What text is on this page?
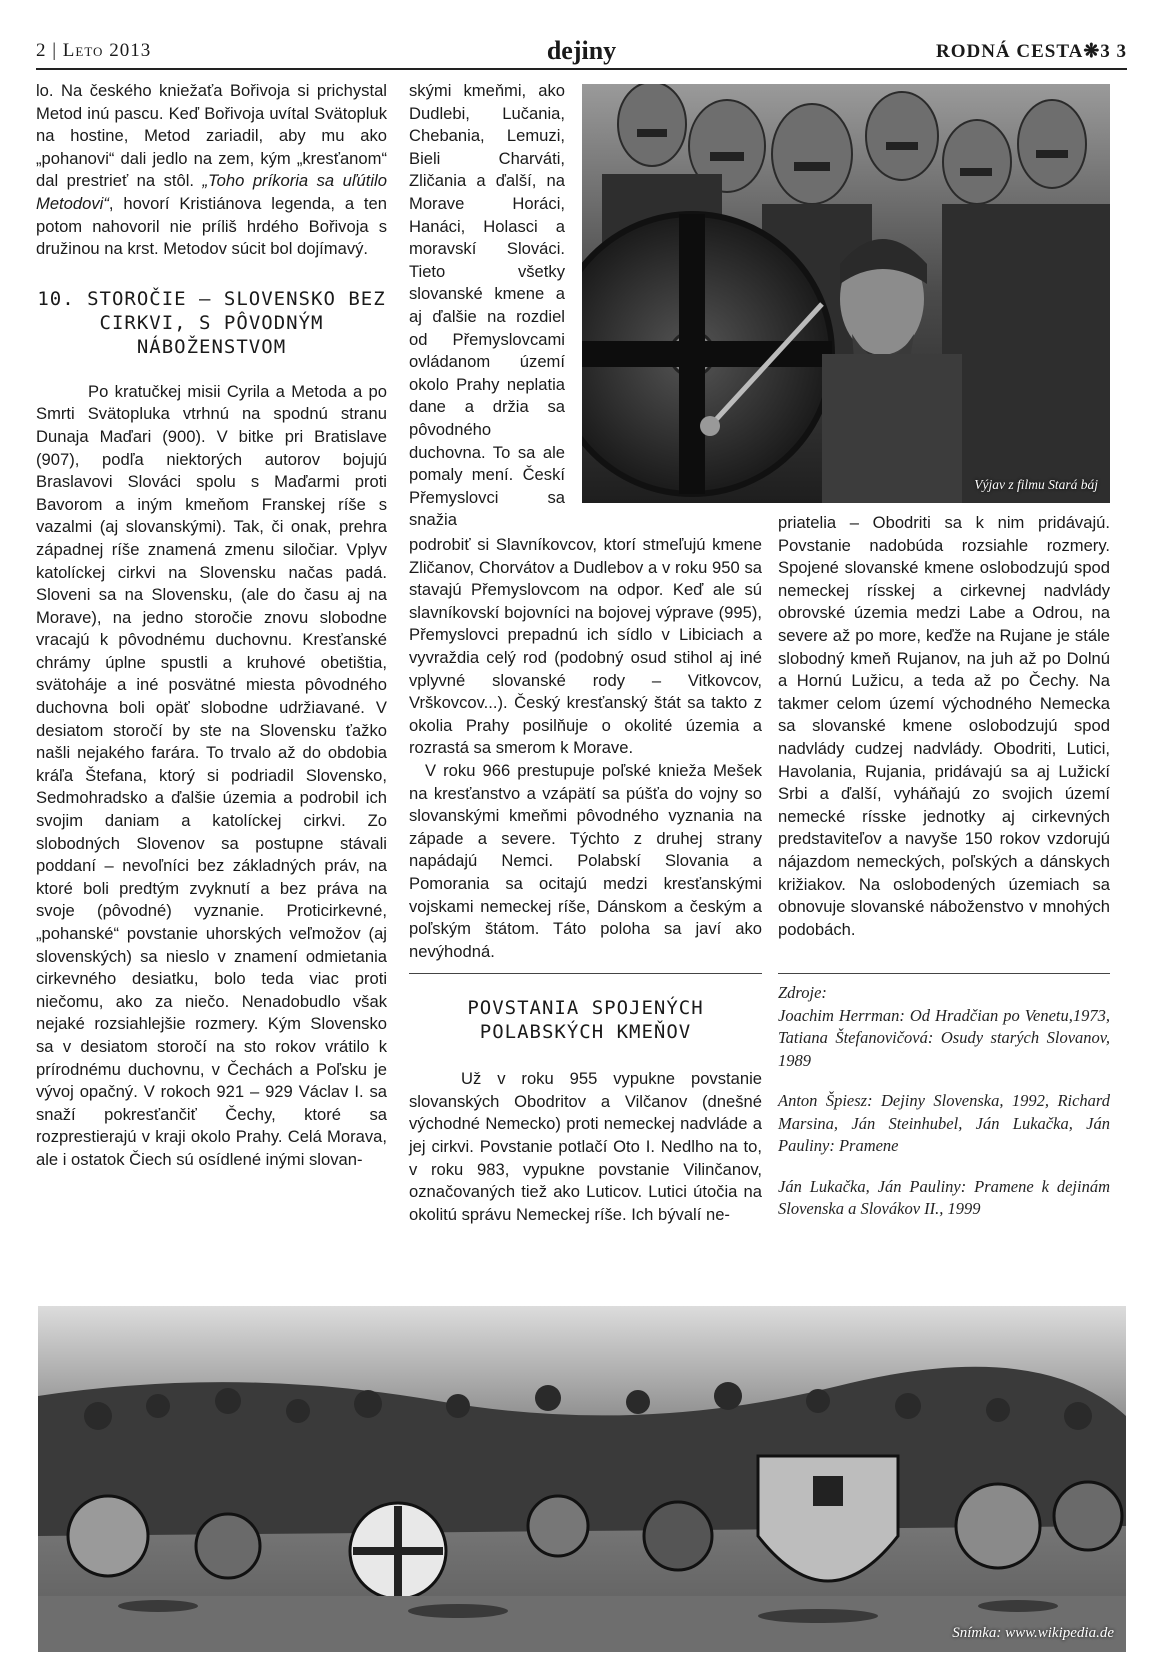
2 | Leto 2013	dejiny	RODNÁ CESTA❋3 3

lo. Na českého kniežaťa Bořivoja si prichystal Metod inú pascu. Keď Bořivoja uvítal Svätopluk na hostine, Metod zariadil, aby mu ako „pohanovi“ dali jedlo na zem, kým „kresťanom“ dal prestrieť na stôl. „Toho príkoria sa uľútilo Metodovi“, hovorí Kristiánova legenda, a ten potom nahovoril nie príliš hrdého Bořivoja s družinou na krst. Metodov súcit bol dojímavý.

10. STOROČIE – SLOVENSKO BEZ CIRKVI, S PÔVODNÝM NÁBOŽENSTVOM

Po kratučkej misii Cyrila a Metoda a po Smrti Svätopluka vtrhnú na spodnú stranu Dunaja Maďari (900). V bitke pri Bratislave (907), podľa niektorých autorov bojujú Braslavovi Slováci spolu s Maďarmi proti Bavorom a iným kmeňom Franskej ríše s vazalmi (aj slovanskými). Tak, či onak, prehra západnej ríše znamená zmenu siločiar. Vplyv katolíckej cirkvi na Slovensku načas padá. Sloveni sa na Slovensku, (ale do času aj na Morave), na jedno storočie znovu slobodne vracajú k pôvodnému duchovnu. Kresťanské chrámy úplne spustli a kruhové obetištia, svätoháje a iné posvätné miesta pôvodného duchovna boli opäť slobodne udržiavané. V desiatom storočí by ste na Slovensku ťažko našli nejakého farára. To trvalo až do obdobia kráľa Štefana, ktorý si podriadil Slovensko, Sedmohradsko a ďalšie územia a podrobil ich svojim daniam a katolíckej cirkvi. Zo slobodných Slovenov sa postupne stávali poddaní – nevoľníci bez základných práv, na ktoré boli predtým zvyknutí a bez práva na svoje (pôvodné) vyznanie. Proticirkevné, „pohanské“ povstanie uhorských veľmožov (aj slovenských) sa nieslo v znamení odmietania cirkevného desiatku, bolo teda viac proti niečomu, ako za niečo. Nenadobudlo však nejaké rozsiahlejšie rozmery. Kým Slovensko sa v desiatom storočí na sto rokov vrátilo k prírodnému duchovnu, v Čechách a Poľsku je vývoj opačný. V rokoch 921 – 929 Václav I. sa snaží pokresťančiť Čechy, ktoré sa rozprestierajú v kraji okolo Prahy. Celá Morava, ale i ostatok Čiech sú osídlené inými slovan-

skými kmeňmi, ako Dudlebi, Lučania, Chebania, Lemuzi, Bieli Charváti, Zličania a ďalší, na Morave Horáci, Hanáci, Holasci a moravskí Slováci. Tieto všetky slovanské kmene a aj ďalšie na rozdiel od Přemyslovcami ovládanom území okolo Prahy neplatia dane a držia sa pôvodného duchovna. To sa ale pomaly mení. Českí Přemyslovci sa snažia

Výjav z filmu Stará báj

podrobiť si Slavníkovcov, ktorí stmeľujú kmene Zličanov, Chorvátov a Dudlebov a v roku 950 sa stavajú Přemyslovcom na odpor. Keď ale sú slavníkovskí bojovníci na bojovej výprave (995), Přemyslovci prepadnú ich sídlo v Libiciach a vyvraždia celý rod (podobný osud stihol aj iné vplyvné slovanské rody – Vitkovcov, Vrškovcov...). Český kresťanský štát sa takto z okolia Prahy posilňuje o okolité územia a rozrastá sa smerom k Morave.

V roku 966 prestupuje poľské knieža Mešek na kresťanstvo a vzápätí sa púšťa do vojny so slovanskými kmeňmi pôvodného vyznania na západe a severe. Týchto z druhej strany napádajú Nemci. Polabskí Slovania a Pomorania sa ocitajú medzi kresťanskými vojskami nemeckej ríše, Dánskom a českým a poľským štátom. Táto poloha sa javí ako nevýhodná.

POVSTANIA SPOJENÝCH POLABSKÝCH KMEŇOV

Už v roku 955 vypukne povstanie slovanských Obodritov a Vilčanov (dnešné východné Nemecko) proti nemeckej nadvláde a jej cirkvi. Povstanie potlačí Oto I. Nedlho na to, v roku 983, vypukne povstanie Vilinčanov, označovaných tiež ako Luticov. Lutici útočia na okolitú správu Nemeckej ríše. Ich bývalí ne-

priatelia – Obodriti sa k nim pridávajú. Povstanie nadobúda rozsiahle rozmery. Spojené slovanské kmene oslobodzujú spod nemeckej rísskej a cirkevnej nadvlády obrovské územia medzi Labe a Odrou, na severe až po more, keďže na Rujane je stále slobodný kmeň Rujanov, na juh až po Dolnú a Hornú Lužicu, a teda až po Čechy. Na takmer celom území východného Nemecka sa slovanské kmene oslobodzujú spod nadvlády cudzej nadvlády. Obodriti, Lutici, Havolania, Rujania, pridávajú sa aj Lužickí Srbi a ďalší, vyháňajú zo svojich území nemecké rísske jednotky aj cirkevných predstaviteľov a navyše 150 rokov vzdorujú nájazdom nemeckých, poľských a dánskych križiakov. Na oslobodených územiach sa obnovuje slovanské náboženstvo v mnohých podobách.

Zdroje:

Joachim Herrman: Od Hradčian po Venetu,1973, Tatiana Štefanovičová: Osudy starých Slovanov, 1989

Anton Špiesz: Dejiny Slovenska, 1992, Richard Marsina, Ján Steinhubel, Ján Lukačka, Ján Pauliny: Pramene

Ján Lukačka, Ján Pauliny: Pramene k dejinám Slovenska a Slovákov II., 1999

Snímka: www.wikipedia.de
